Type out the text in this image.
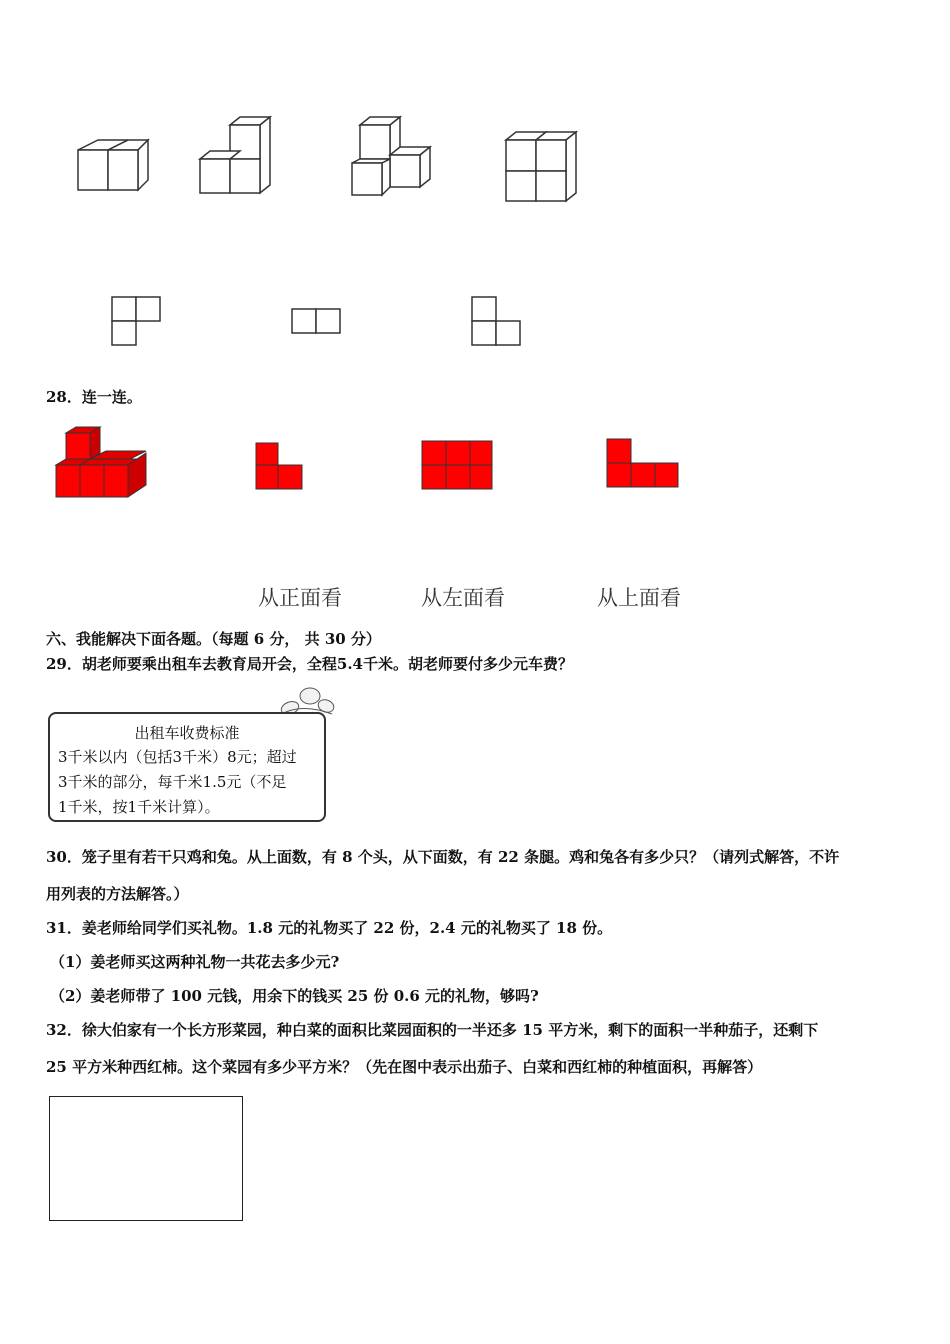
28．连一连。
从正面看	从左面看	从上面看
六、我能解决下面各题。（每题 6 分， 共 30 分）
29．胡老师要乘出租车去教育局开会，全程5.4千米。胡老师要付多少元车费？
出租车收费标准
3千米以内（包括3千米）8元；超过
3千米的部分，每千米1.5元（不足
1千米，按1千米计算）。
30．笼子里有若干只鸡和兔。从上面数，有 8 个头，从下面数，有 22 条腿。鸡和兔各有多少只？（请列式解答，不许
用列表的方法解答。）
31．姜老师给同学们买礼物。1.8 元的礼物买了 22 份，2.4 元的礼物买了 18 份。
（1）姜老师买这两种礼物一共花去多少元?
（2）姜老师带了 100 元钱，用余下的钱买 25 份 0.6 元的礼物，够吗?
32．徐大伯家有一个长方形菜园，种白菜的面积比菜园面积的一半还多 15 平方米，剩下的面积一半种茄子，还剩下
25 平方米种西红柿。这个菜园有多少平方米？（先在图中表示出茄子、白菜和西红柿的种植面积，再解答）
